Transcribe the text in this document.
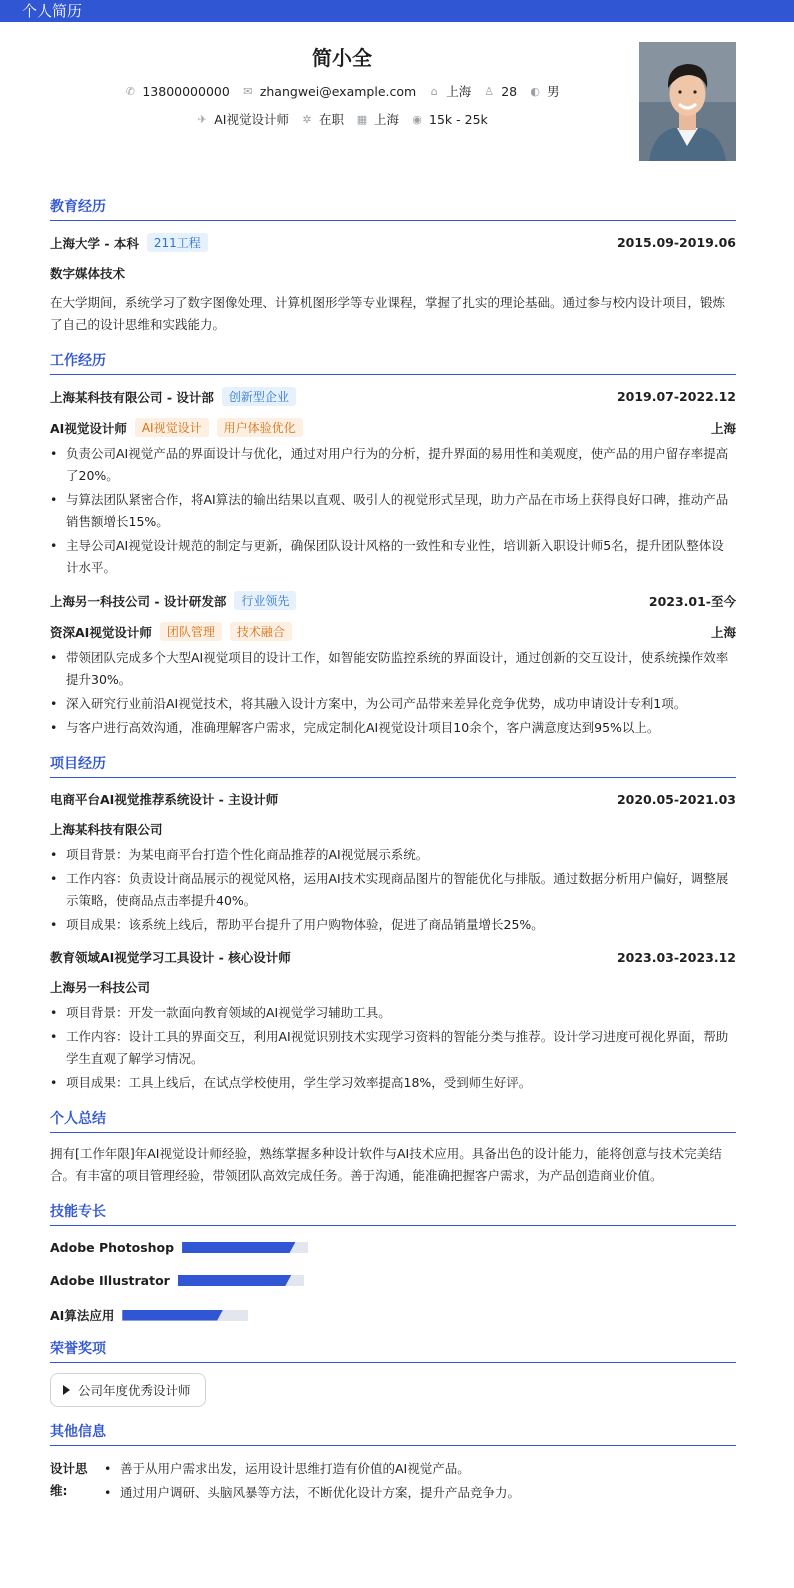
个人简历
简小全
✆ 13800000000 ✉ zhangwei@example.com ⌂ 上海 ♙ 28 ◐ 男
✈ AI视觉设计师 ✲ 在职 ▦ 上海 ◉ 15k - 25k
教育经历
上海大学 - 本科	211工程	2015.09-2019.06
数字媒体技术
在大学期间，系统学习了数字图像处理、计算机图形学等专业课程，掌握了扎实的理论基础。通过参与校内设计项目，锻炼了自己的设计思维和实践能力。
工作经历
上海某科技有限公司 - 设计部	创新型企业	2019.07-2022.12
AI视觉设计师	AI视觉设计	用户体验优化	上海
• 负责公司AI视觉产品的界面设计与优化，通过对用户行为的分析，提升界面的易用性和美观度，使产品的用户留存率提高了20%。
• 与算法团队紧密合作，将AI算法的输出结果以直观、吸引人的视觉形式呈现，助力产品在市场上获得良好口碑，推动产品销售额增长15%。
• 主导公司AI视觉设计规范的制定与更新，确保团队设计风格的一致性和专业性，培训新入职设计师5名，提升团队整体设计水平。
上海另一科技公司 - 设计研发部	行业领先	2023.01-至今
资深AI视觉设计师	团队管理	技术融合	上海
• 带领团队完成多个大型AI视觉项目的设计工作，如智能安防监控系统的界面设计，通过创新的交互设计，使系统操作效率提升30%。
• 深入研究行业前沿AI视觉技术，将其融入设计方案中，为公司产品带来差异化竞争优势，成功申请设计专利1项。
• 与客户进行高效沟通，准确理解客户需求，完成定制化AI视觉设计项目10余个，客户满意度达到95%以上。
项目经历
电商平台AI视觉推荐系统设计 - 主设计师	2020.05-2021.03
上海某科技有限公司
• 项目背景：为某电商平台打造个性化商品推荐的AI视觉展示系统。
• 工作内容：负责设计商品展示的视觉风格，运用AI技术实现商品图片的智能优化与排版。通过数据分析用户偏好，调整展示策略，使商品点击率提升40%。
• 项目成果：该系统上线后，帮助平台提升了用户购物体验，促进了商品销量增长25%。
教育领域AI视觉学习工具设计 - 核心设计师	2023.03-2023.12
上海另一科技公司
• 项目背景：开发一款面向教育领域的AI视觉学习辅助工具。
• 工作内容：设计工具的界面交互，利用AI视觉识别技术实现学习资料的智能分类与推荐。设计学习进度可视化界面，帮助学生直观了解学习情况。
• 项目成果：工具上线后，在试点学校使用，学生学习效率提高18%，受到师生好评。
个人总结
拥有[工作年限]年AI视觉设计师经验，熟练掌握多种设计软件与AI技术应用。具备出色的设计能力，能将创意与技术完美结合。有丰富的项目管理经验，带领团队高效完成任务。善于沟通，能准确把握客户需求，为产品创造商业价值。
技能专长
Adobe Photoshop
Adobe Illustrator
AI算法应用
荣誉奖项
公司年度优秀设计师
其他信息
设计思维:
• 善于从用户需求出发，运用设计思维打造有价值的AI视觉产品。
• 通过用户调研、头脑风暴等方法，不断优化设计方案，提升产品竞争力。
